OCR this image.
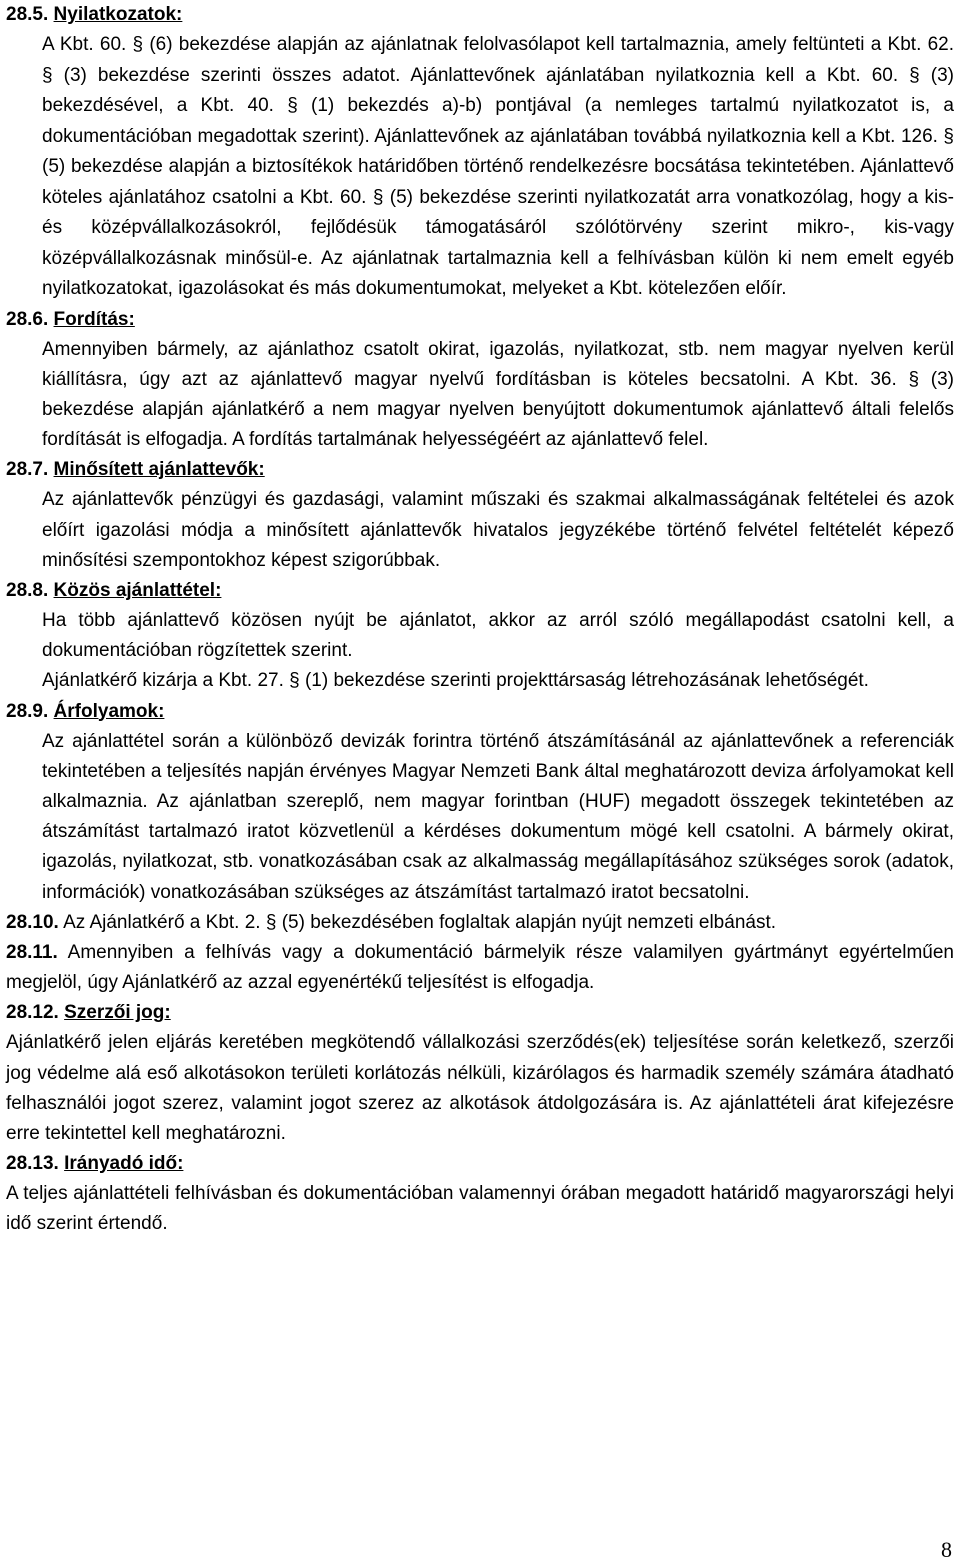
28.5. Nyilatkozatok:

A Kbt. 60. § (6) bekezdése alapján az ajánlatnak felolvasólapot kell tartalmaznia, amely feltünteti a Kbt. 62. § (3) bekezdése szerinti összes adatot. Ajánlattevőnek ajánlatában nyilatkoznia kell a Kbt. 60. § (3) bekezdésével, a Kbt. 40. § (1) bekezdés a)-b) pontjával (a nemleges tartalmú nyilatkozatot is, a dokumentációban megadottak szerint). Ajánlattevőnek az ajánlatában továbbá nyilatkoznia kell a Kbt. 126. § (5) bekezdése alapján a biztosítékok határidőben történő rendelkezésre bocsátása tekintetében. Ajánlattevő köteles ajánlatához csatolni a Kbt. 60. § (5) bekezdése szerinti nyilatkozatát arra vonatkozólag, hogy a kis- és középvállalkozásokról, fejlődésük támogatásáról szólótörvény szerint mikro-, kis-vagy középvállalkozásnak minősül-e. Az ajánlatnak tartalmaznia kell a felhívásban külön ki nem emelt egyéb nyilatkozatokat, igazolásokat és más dokumentumokat, melyeket a Kbt. kötelezően előír.

28.6. Fordítás:

Amennyiben bármely, az ajánlathoz csatolt okirat, igazolás, nyilatkozat, stb. nem magyar nyelven kerül kiállításra, úgy azt az ajánlattevő magyar nyelvű fordításban is köteles becsatolni. A Kbt. 36. § (3) bekezdése alapján ajánlatkérő a nem magyar nyelven benyújtott dokumentumok ajánlattevő általi felelős fordítását is elfogadja. A fordítás tartalmának helyességéért az ajánlattevő felel.

28.7. Minősített ajánlattevők:

Az ajánlattevők pénzügyi és gazdasági, valamint műszaki és szakmai alkalmasságának feltételei és azok előírt igazolási módja a minősített ajánlattevők hivatalos jegyzékébe történő felvétel feltételét képező minősítési szempontokhoz képest szigorúbbak.

28.8. Közös ajánlattétel:

Ha több ajánlattevő közösen nyújt be ajánlatot, akkor az arról szóló megállapodást csatolni kell, a dokumentációban rögzítettek szerint.

Ajánlatkérő kizárja a Kbt. 27. § (1) bekezdése szerinti projekttársaság létrehozásának lehetőségét.

28.9. Árfolyamok:

Az ajánlattétel során a különböző devizák forintra történő átszámításánál az ajánlattevőnek a referenciák tekintetében a teljesítés napján érvényes Magyar Nemzeti Bank által meghatározott deviza árfolyamokat kell alkalmaznia. Az ajánlatban szereplő, nem magyar forintban (HUF) megadott összegek tekintetében az átszámítást tartalmazó iratot közvetlenül a kérdéses dokumentum mögé kell csatolni. A bármely okirat, igazolás, nyilatkozat, stb. vonatkozásában csak az alkalmasság megállapításához szükséges sorok (adatok, információk) vonatkozásában szükséges az átszámítást tartalmazó iratot becsatolni.

28.10. Az Ajánlatkérő a Kbt. 2. § (5) bekezdésében foglaltak alapján nyújt nemzeti elbánást.

28.11. Amennyiben a felhívás vagy a dokumentáció bármelyik része valamilyen gyártmányt egyértelműen megjelöl, úgy Ajánlatkérő az azzal egyenértékű teljesítést is elfogadja.

28.12. Szerzői jog:

Ajánlatkérő jelen eljárás keretében megkötendő vállalkozási szerződés(ek) teljesítése során keletkező, szerzői jog védelme alá eső alkotásokon területi korlátozás nélküli, kizárólagos és harmadik személy számára átadható felhasználói jogot szerez, valamint jogot szerez az alkotások átdolgozására is. Az ajánlattételi árat kifejezésre erre tekintettel kell meghatározni.

28.13. Irányadó idő:

A teljes ajánlattételi felhívásban és dokumentációban valamennyi órában megadott határidő magyarországi helyi idő szerint értendő.

8
